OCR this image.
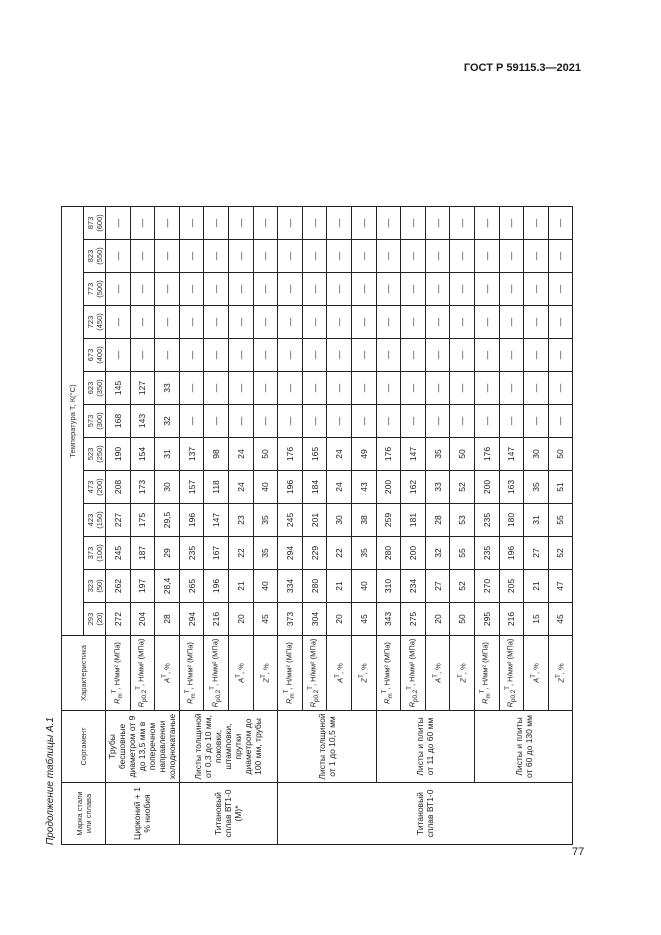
ГОСТ Р 59115.3—2021
77
Продолжение таблицы А.1 Марка стали или сплава	Сортамент	Характеристика	Температура T, К(°С)												

			293 (20)	323 (50)	373 (100)	423 (150)	473 (200)	523 (250)	573 (300)	623 (350)	673 (400)	723 (450)	773 (500)	823 (550)	873 (600)

Цирконий + 1 % ниобия	Трубы бесшовные диаметром от 9 до 13,5 мм в поперечном направлении холоднокатаные	$R_m^T$, Н/мм² (МПа)	272	262	245	227	208	190	168	145	—	—	—	—	—
		$R_{p0,2}^T$, Н/мм² (МПа)	204	197	187	175	173	154	143	127	—	—	—	—	—
		$A^T$, %	28	28,4	29	29,5	30	31	32	33	—	—	—	—	—
Титановый сплав ВТ1-0 (М)*	Листы толщиной от 0,3 до 10 мм, поковки, штамповки, прутки диаметром до 100 мм, трубы	$R_m^T$, Н/мм² (МПа)	294	265	235	196	157	137	—	—	—	—	—	—	—
		$R_{p0,2}^T$, Н/мм² (МПа)	216	196	167	147	118	98	—	—	—	—	—	—	—
		$A^T$, %	20	21	22	23	24	24	—	—	—	—	—	—	—
		$Z^T$, %	45	40	35	35	40	50	—	—	—	—	—	—	—
Титановый сплав ВТ1-0	Листы толщиной от 1 до 10,5 мм	$R_m^T$, Н/мм² (МПа)	373	334	294	245	196	176	—	—	—	—	—	—	—
		$R_{p0,2}^T$, Н/мм² (МПа)	304	280	229	201	184	165	—	—	—	—	—	—	—
		$A^T$, %	20	21	22	30	24	24	—	—	—	—	—	—	—
		$Z^T$, %	45	40	35	38	43	49	—	—	—	—	—	—	—
	Листы и плиты от 11 до 60 мм	$R_m^T$, Н/мм² (МПа)	343	310	280	259	200	176	—	—	—	—	—	—	—
		$R_{p0,2}^T$, Н/мм² (МПа)	275	234	200	181	162	147	—	—	—	—	—	—	—
		$A^T$, %	20	27	32	28	33	35	—	—	—	—	—	—	—
		$Z^T$, %	50	52	55	53	52	50	—	—	—	—	—	—	—
	Листы и плиты от 60 до 130 мм	$R_m^T$, Н/мм² (МПа)	295	270	235	235	200	176	—	—	—	—	—	—	—
		$R_{p0,2}^T$, Н/мм² (МПа)	216	205	196	180	163	147	—	—	—	—	—	—	—
		$A^T$, %	15	21	27	31	35	30	—	—	—	—	—	—	—
		$Z^T$, %	45	47	52	55	51	50	—	—	—	—	—	—	—
